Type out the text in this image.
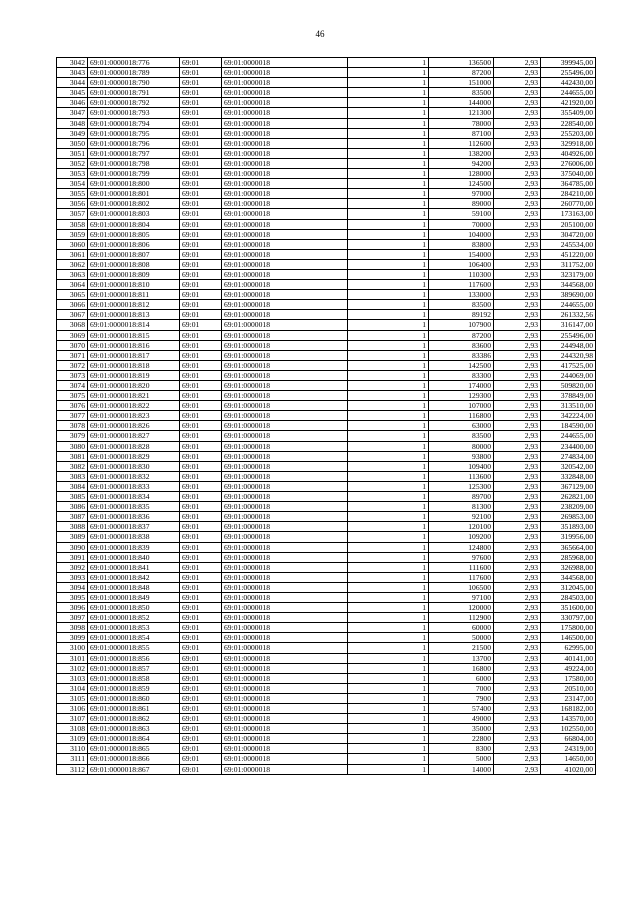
46
3042	69:01:0000018:776	69:01	69:01:0000018	1	136500	2,93	399945,00
3043	69:01:0000018:789	69:01	69:01:0000018	1	87200	2,93	255496,00
3044	69:01:0000018:790	69:01	69:01:0000018	1	151000	2,93	442430,00
3045	69:01:0000018:791	69:01	69:01:0000018	1	83500	2,93	244655,00
3046	69:01:0000018:792	69:01	69:01:0000018	1	144000	2,93	421920,00
3047	69:01:0000018:793	69:01	69:01:0000018	1	121300	2,93	355409,00
3048	69:01:0000018:794	69:01	69:01:0000018	1	78000	2,93	228540,00
3049	69:01:0000018:795	69:01	69:01:0000018	1	87100	2,93	255203,00
3050	69:01:0000018:796	69:01	69:01:0000018	1	112600	2,93	329918,00
3051	69:01:0000018:797	69:01	69:01:0000018	1	138200	2,93	404926,00
3052	69:01:0000018:798	69:01	69:01:0000018	1	94200	2,93	276006,00
3053	69:01:0000018:799	69:01	69:01:0000018	1	128000	2,93	375040,00
3054	69:01:0000018:800	69:01	69:01:0000018	1	124500	2,93	364785,00
3055	69:01:0000018:801	69:01	69:01:0000018	1	97000	2,93	284210,00
3056	69:01:0000018:802	69:01	69:01:0000018	1	89000	2,93	260770,00
3057	69:01:0000018:803	69:01	69:01:0000018	1	59100	2,93	173163,00
3058	69:01:0000018:804	69:01	69:01:0000018	1	70000	2,93	205100,00
3059	69:01:0000018:805	69:01	69:01:0000018	1	104000	2,93	304720,00
3060	69:01:0000018:806	69:01	69:01:0000018	1	83800	2,93	245534,00
3061	69:01:0000018:807	69:01	69:01:0000018	1	154000	2,93	451220,00
3062	69:01:0000018:808	69:01	69:01:0000018	1	106400	2,93	311752,00
3063	69:01:0000018:809	69:01	69:01:0000018	1	110300	2,93	323179,00
3064	69:01:0000018:810	69:01	69:01:0000018	1	117600	2,93	344568,00
3065	69:01:0000018:811	69:01	69:01:0000018	1	133000	2,93	389690,00
3066	69:01:0000018:812	69:01	69:01:0000018	1	83500	2,93	244655,00
3067	69:01:0000018:813	69:01	69:01:0000018	1	89192	2,93	261332,56
3068	69:01:0000018:814	69:01	69:01:0000018	1	107900	2,93	316147,00
3069	69:01:0000018:815	69:01	69:01:0000018	1	87200	2,93	255496,00
3070	69:01:0000018:816	69:01	69:01:0000018	1	83600	2,93	244948,00
3071	69:01:0000018:817	69:01	69:01:0000018	1	83386	2,93	244320,98
3072	69:01:0000018:818	69:01	69:01:0000018	1	142500	2,93	417525,00
3073	69:01:0000018:819	69:01	69:01:0000018	1	83300	2,93	244069,00
3074	69:01:0000018:820	69:01	69:01:0000018	1	174000	2,93	509820,00
3075	69:01:0000018:821	69:01	69:01:0000018	1	129300	2,93	378849,00
3076	69:01:0000018:822	69:01	69:01:0000018	1	107000	2,93	313510,00
3077	69:01:0000018:823	69:01	69:01:0000018	1	116800	2,93	342224,00
3078	69:01:0000018:826	69:01	69:01:0000018	1	63000	2,93	184590,00
3079	69:01:0000018:827	69:01	69:01:0000018	1	83500	2,93	244655,00
3080	69:01:0000018:828	69:01	69:01:0000018	1	80000	2,93	234400,00
3081	69:01:0000018:829	69:01	69:01:0000018	1	93800	2,93	274834,00
3082	69:01:0000018:830	69:01	69:01:0000018	1	109400	2,93	320542,00
3083	69:01:0000018:832	69:01	69:01:0000018	1	113600	2,93	332848,00
3084	69:01:0000018:833	69:01	69:01:0000018	1	125300	2,93	367129,00
3085	69:01:0000018:834	69:01	69:01:0000018	1	89700	2,93	262821,00
3086	69:01:0000018:835	69:01	69:01:0000018	1	81300	2,93	238209,00
3087	69:01:0000018:836	69:01	69:01:0000018	1	92100	2,93	269853,00
3088	69:01:0000018:837	69:01	69:01:0000018	1	120100	2,93	351893,00
3089	69:01:0000018:838	69:01	69:01:0000018	1	109200	2,93	319956,00
3090	69:01:0000018:839	69:01	69:01:0000018	1	124800	2,93	365664,00
3091	69:01:0000018:840	69:01	69:01:0000018	1	97600	2,93	285968,00
3092	69:01:0000018:841	69:01	69:01:0000018	1	111600	2,93	326988,00
3093	69:01:0000018:842	69:01	69:01:0000018	1	117600	2,93	344568,00
3094	69:01:0000018:848	69:01	69:01:0000018	1	106500	2,93	312045,00
3095	69:01:0000018:849	69:01	69:01:0000018	1	97100	2,93	284503,00
3096	69:01:0000018:850	69:01	69:01:0000018	1	120000	2,93	351600,00
3097	69:01:0000018:852	69:01	69:01:0000018	1	112900	2,93	330797,00
3098	69:01:0000018:853	69:01	69:01:0000018	1	60000	2,93	175800,00
3099	69:01:0000018:854	69:01	69:01:0000018	1	50000	2,93	146500,00
3100	69:01:0000018:855	69:01	69:01:0000018	1	21500	2,93	62995,00
3101	69:01:0000018:856	69:01	69:01:0000018	1	13700	2,93	40141,00
3102	69:01:0000018:857	69:01	69:01:0000018	1	16800	2,93	49224,00
3103	69:01:0000018:858	69:01	69:01:0000018	1	6000	2,93	17580,00
3104	69:01:0000018:859	69:01	69:01:0000018	1	7000	2,93	20510,00
3105	69:01:0000018:860	69:01	69:01:0000018	1	7900	2,93	23147,00
3106	69:01:0000018:861	69:01	69:01:0000018	1	57400	2,93	168182,00
3107	69:01:0000018:862	69:01	69:01:0000018	1	49000	2,93	143570,00
3108	69:01:0000018:863	69:01	69:01:0000018	1	35000	2,93	102550,00
3109	69:01:0000018:864	69:01	69:01:0000018	1	22800	2,93	66804,00
3110	69:01:0000018:865	69:01	69:01:0000018	1	8300	2,93	24319,00
3111	69:01:0000018:866	69:01	69:01:0000018	1	5000	2,93	14650,00
3112	69:01:0000018:867	69:01	69:01:0000018	1	14000	2,93	41020,00
